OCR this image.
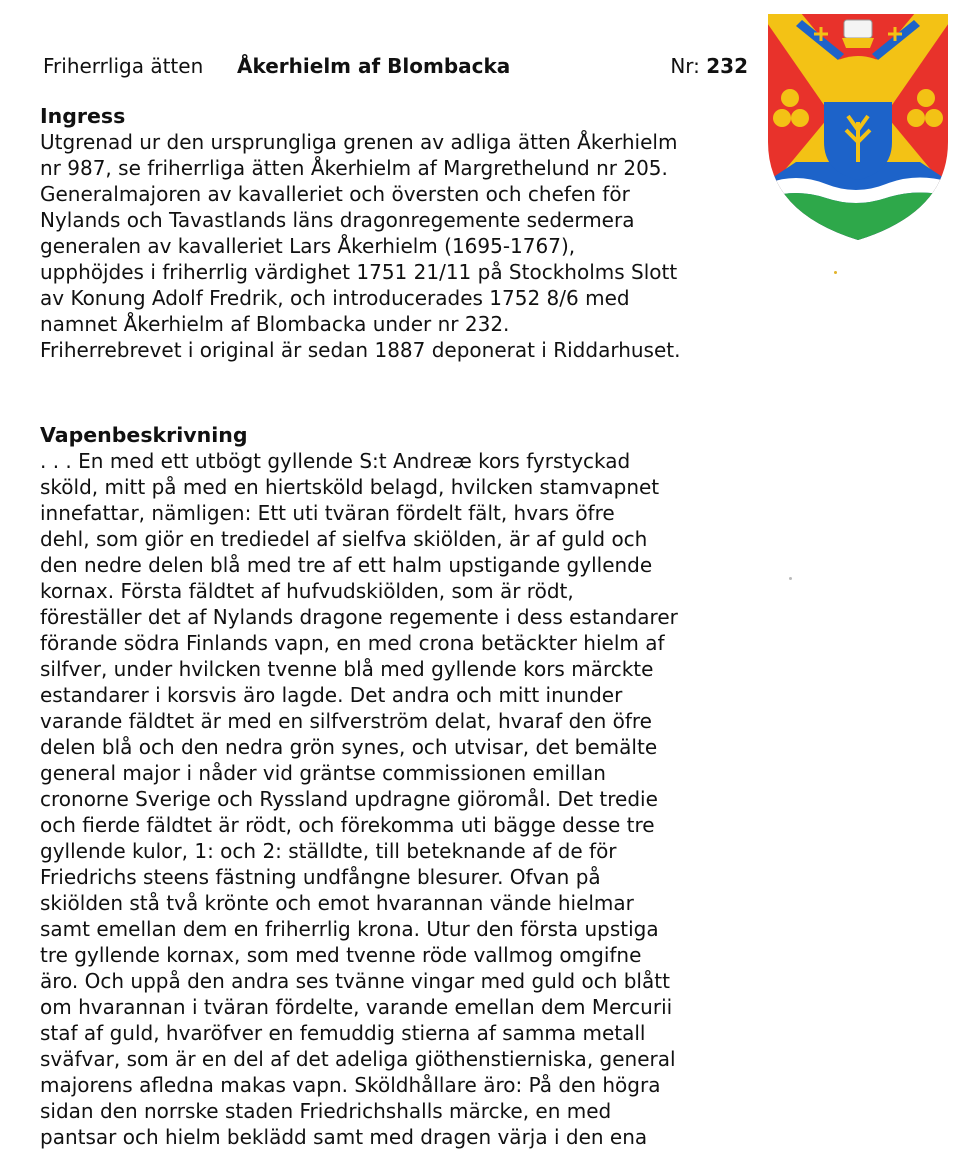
Friherrliga ätten Åkerhielm af Blombacka	Nr: 232
Ingress

Utgrenad ur den ursprungliga grenen av adliga ätten Åkerhielm
nr 987, se friherrliga ätten Åkerhielm af Margrethelund nr 205.
Generalmajoren av kavalleriet och översten och chefen för
Nylands och Tavastlands läns dragonregemente sedermera
generalen av kavalleriet Lars Åkerhielm (1695-1767),
upphöjdes i friherrlig värdighet 1751 21/11 på Stockholms Slott
av Konung Adolf Fredrik, och introducerades 1752 8/6 med
namnet Åkerhielm af Blombacka under nr 232.
Friherrebrevet i original är sedan 1887 deponerat i Riddarhuset.

Vapenbeskrivning

. . . En med ett utbögt gyllende S:t Andreæ kors fyrstyckad
sköld, mitt på med en hiertsköld belagd, hvilcken stamvapnet
innefattar, nämligen: Ett uti tväran fördelt fält, hvars öfre
dehl, som giör en trediedel af sielfva skiölden, är af guld och
den nedre delen blå med tre af ett halm upstigande gyllende
kornax. Första fäldtet af hufvudskiölden, som är rödt,
föreställer det af Nylands dragone regemente i dess estandarer
förande södra Finlands vapn, en med crona betäckter hielm af
silfver, under hvilcken tvenne blå med gyllende kors märckte
estandarer i korsvis äro lagde. Det andra och mitt inunder
varande fäldtet är med en silfverström delat, hvaraf den öfre
delen blå och den nedra grön synes, och utvisar, det bemälte
general major i nåder vid gräntse commissionen emillan
cronorne Sverige och Ryssland updragne giöromål. Det tredie
och fierde fäldtet är rödt, och förekomma uti bägge desse tre
gyllende kulor, 1: och 2: ställdte, till beteknande af de för
Friedrichs steens fästning undfångne blesurer. Ofvan på
skiölden stå två krönte och emot hvarannan vände hielmar
samt emellan dem en friherrlig krona. Utur den första upstiga
tre gyllende kornax, som med tvenne röde vallmog omgifne
äro. Och uppå den andra ses tvänne vingar med guld och blått
om hvarannan i tväran fördelte, varande emellan dem Mercurii
staf af guld, hvaröfver en femuddig stierna af samma metall
sväfvar, som är en del af det adeliga giöthenstierniska, general
majorens afledna makas vapn. Sköldhållare äro: På den högra
sidan den norrske staden Friedrichshalls märcke, en med
pantsar och hielm beklädd samt med dragen värja i den ena
